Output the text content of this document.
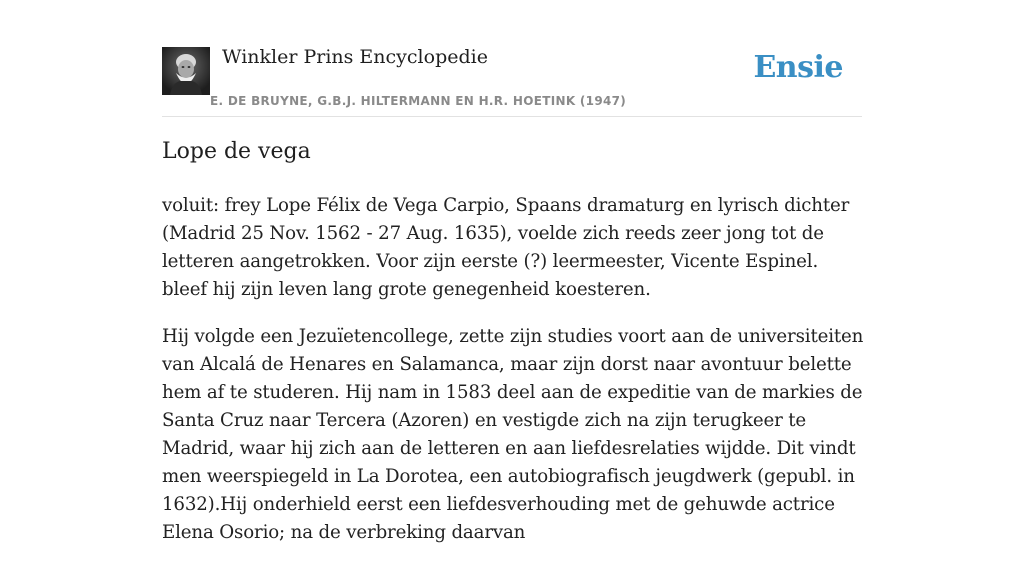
Winkler Prins Encyclopedie
E. DE BRUYNE, G.B.J. HILTERMANN EN H.R. HOETINK (1947)
Ensie
Lope de vega

voluit: frey Lope Félix de Vega Carpio, Spaans dramaturg en lyrisch dichter (Madrid 25 Nov. 1562 - 27 Aug. 1635), voelde zich reeds zeer jong tot de letteren aangetrokken. Voor zijn eerste (?) leermeester, Vicente Espinel. bleef hij zijn leven lang grote genegenheid koesteren.

Hij volgde een Jezuïetencollege, zette zijn studies voort aan de universiteiten van Alcalá de Henares en Salamanca, maar zijn dorst naar avontuur belette hem af te studeren. Hij nam in 1583 deel aan de expeditie van de markies de Santa Cruz naar Tercera (Azoren) en vestigde zich na zijn terugkeer te Madrid, waar hij zich aan de letteren en aan liefdesrelaties wijdde. Dit vindt men weerspiegeld in La Dorotea, een autobiografisch jeugdwerk (gepubl. in 1632).Hij onderhield eerst een liefdesverhouding met de gehuwde actrice Elena Osorio; na de verbreking daarvan
